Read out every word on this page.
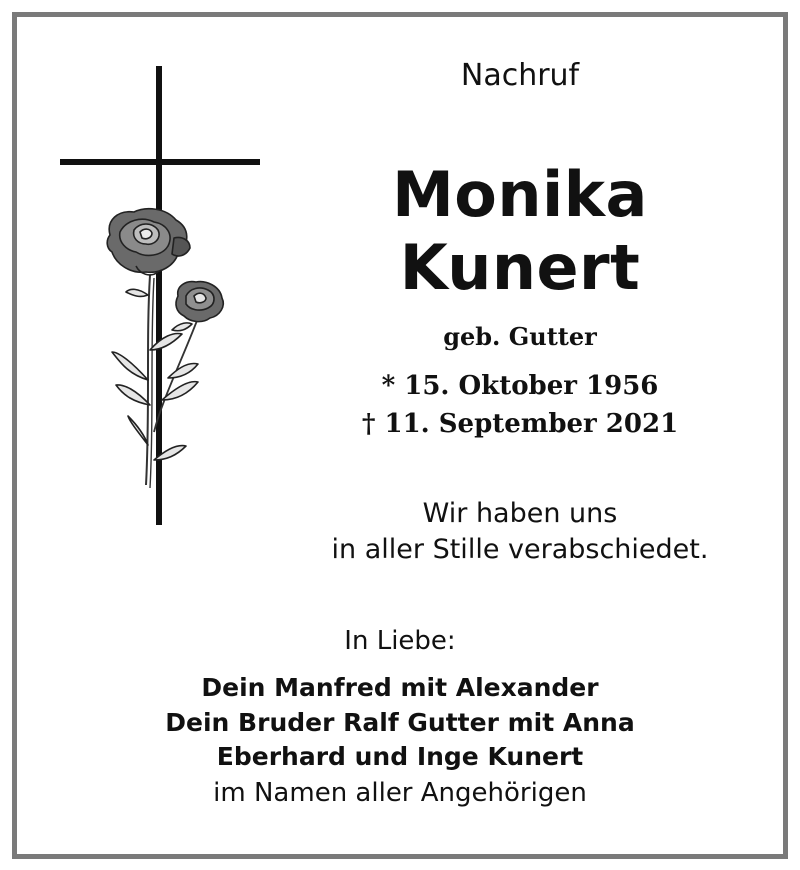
Nachruf
Monika
Kunert
geb. Gutter
* 15. Oktober 1956
† 11. September 2021
Wir haben uns
in aller Stille verabschiedet.
In Liebe:
Dein Manfred mit Alexander
Dein Bruder Ralf Gutter mit Anna
Eberhard und Inge Kunert
im Namen aller Angehörigen
